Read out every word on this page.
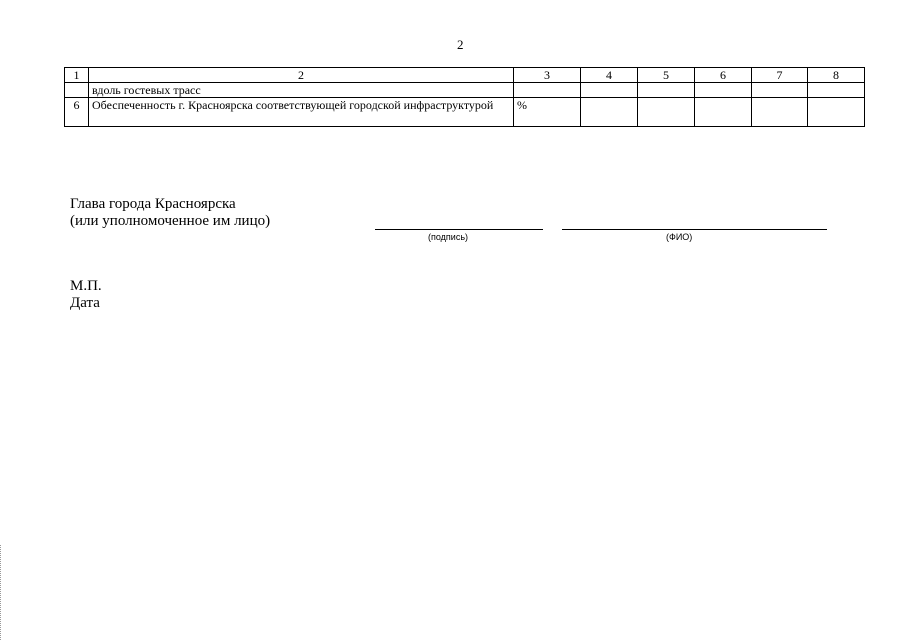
2
1	2	3	4	5	6	7	8
	вдоль гостевых трасс						
6	Обеспеченность г. Красноярска соответствующей городской инфраструктурой	%					
Глава города Красноярска
(или уполномоченное им лицо)
(подпись)	(ФИО)
М.П.
Дата
